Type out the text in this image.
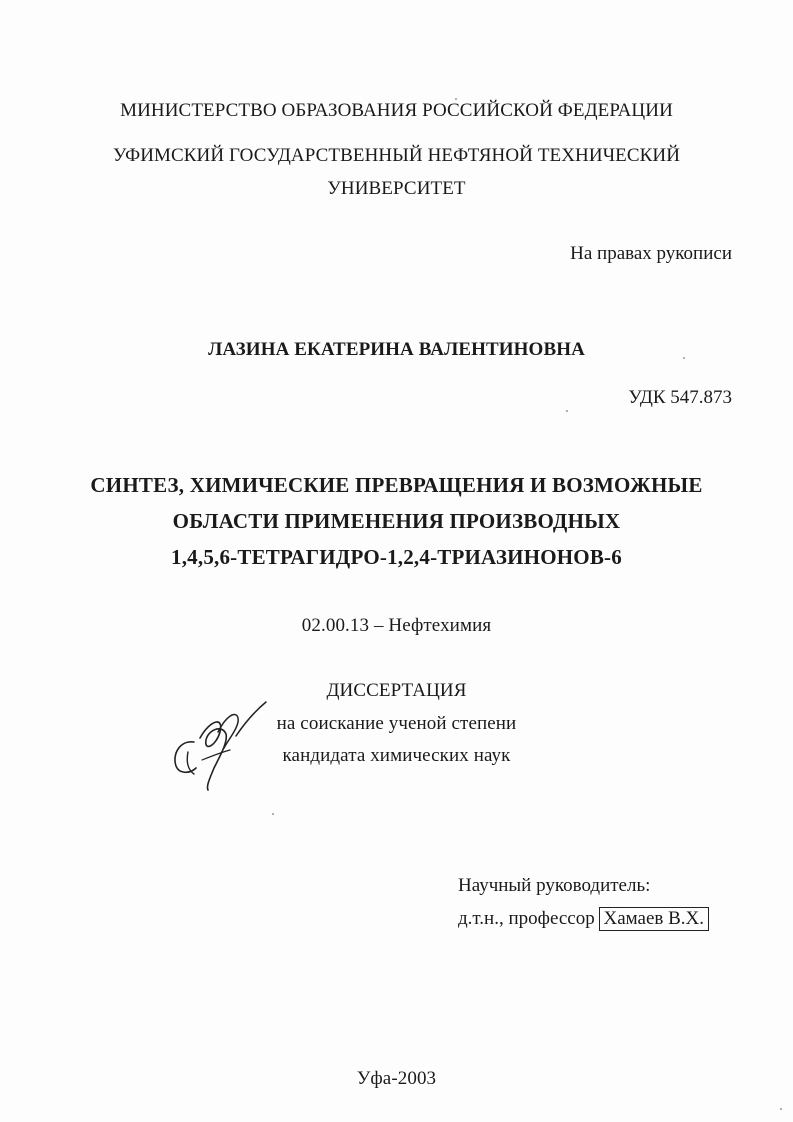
МИНИСТЕРСТВО ОБРАЗОВАНИЯ РОССИЙСКОЙ ФЕДЕРАЦИИ
УФИМСКИЙ ГОСУДАРСТВЕННЫЙ НЕФТЯНОЙ ТЕХНИЧЕСКИЙ
УНИВЕРСИТЕТ
На правах рукописи
ЛАЗИНА ЕКАТЕРИНА ВАЛЕНТИНОВНА
УДК 547.873
СИНТЕЗ, ХИМИЧЕСКИЕ ПРЕВРАЩЕНИЯ И ВОЗМОЖНЫЕ
ОБЛАСТИ ПРИМЕНЕНИЯ ПРОИЗВОДНЫХ
1,4,5,6-ТЕТРАГИДРО-1,2,4-ТРИАЗИНОНОВ-6
02.00.13 – Нефтехимия
ДИССЕРТАЦИЯ
на соискание ученой степени
кандидата химических наук
Научный руководитель:
д.т.н., профессор Хамаев В.Х.
Уфа-2003
